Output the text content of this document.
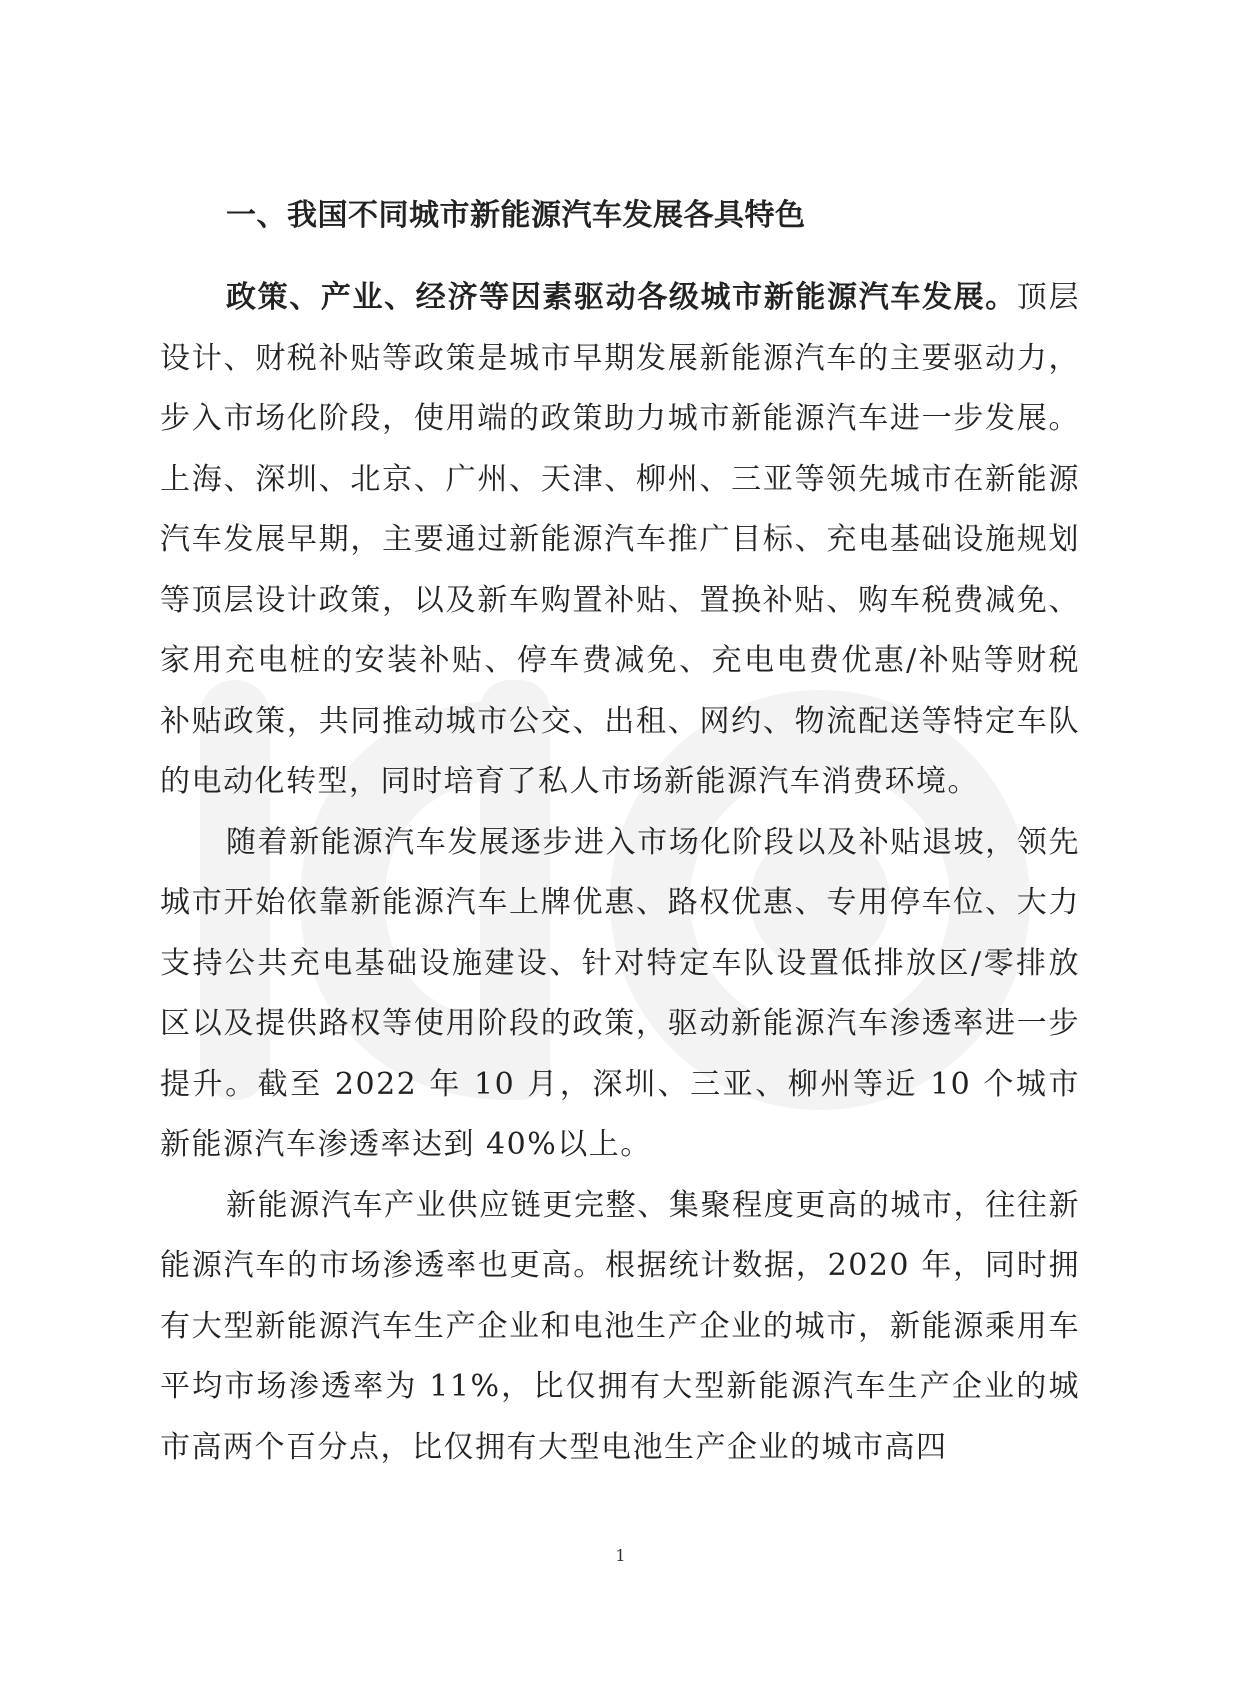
一、我国不同城市新能源汽车发展各具特色

政策、产业、经济等因素驱动各级城市新能源汽车发展。顶层设计、财税补贴等政策是城市早期发展新能源汽车的主要驱动力，步入市场化阶段，使用端的政策助力城市新能源汽车进一步发展。上海、深圳、北京、广州、天津、柳州、三亚等领先城市在新能源汽车发展早期，主要通过新能源汽车推广目标、充电基础设施规划等顶层设计政策，以及新车购置补贴、置换补贴、购车税费减免、家用充电桩的安装补贴、停车费减免、充电电费优惠/补贴等财税补贴政策，共同推动城市公交、出租、网约、物流配送等特定车队的电动化转型，同时培育了私人市场新能源汽车消费环境。

随着新能源汽车发展逐步进入市场化阶段以及补贴退坡，领先城市开始依靠新能源汽车上牌优惠、路权优惠、专用停车位、大力支持公共充电基础设施建设、针对特定车队设置低排放区/零排放区以及提供路权等使用阶段的政策，驱动新能源汽车渗透率进一步提升。截至 2022 年 10 月，深圳、三亚、柳州等近 10 个城市新能源汽车渗透率达到 40%以上。

新能源汽车产业供应链更完整、集聚程度更高的城市，往往新能源汽车的市场渗透率也更高。根据统计数据，2020 年，同时拥有大型新能源汽车生产企业和电池生产企业的城市，新能源乘用车平均市场渗透率为 11%，比仅拥有大型新能源汽车生产企业的城市高两个百分点，比仅拥有大型电池生产企业的城市高四

1
